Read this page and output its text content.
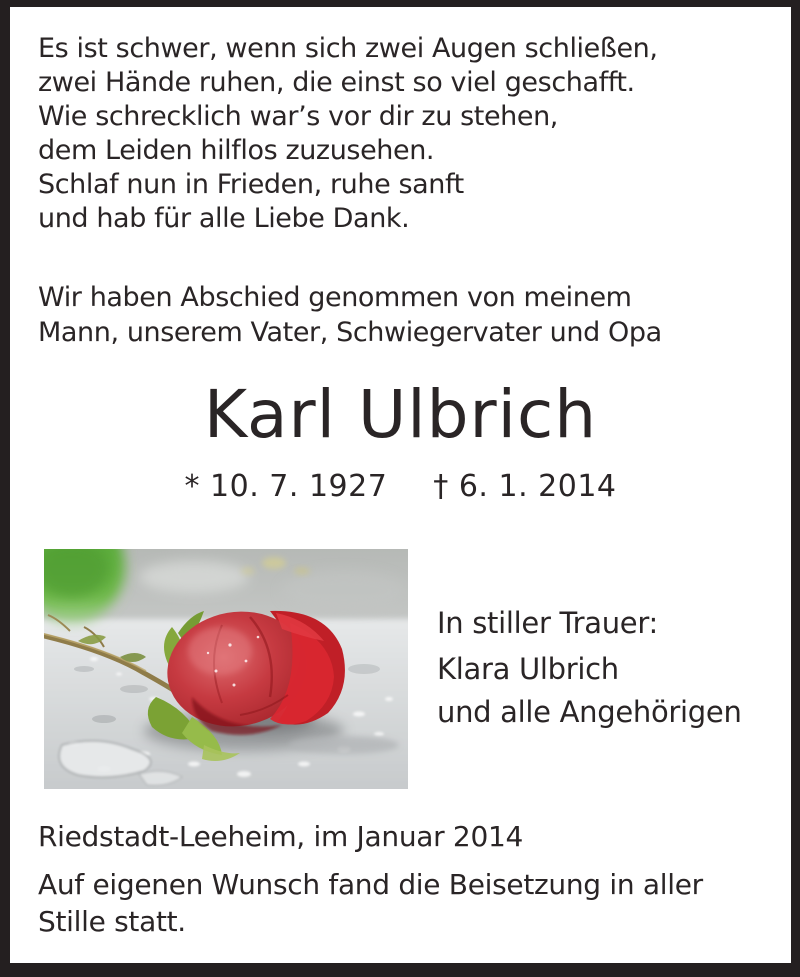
Es ist schwer, wenn sich zwei Augen schließen,
zwei Hände ruhen, die einst so viel geschafft.
Wie schrecklich war’s vor dir zu stehen,
dem Leiden hilflos zuzusehen.
Schlaf nun in Frieden, ruhe sanft
und hab für alle Liebe Dank.
Wir haben Abschied genommen von meinem
Mann, unserem Vater, Schwiegervater und Opa
Karl Ulbrich
* 10. 7. 1927 † 6. 1. 2014
In stiller Trauer:
Klara Ulbrich
und alle Angehörigen
Riedstadt-Leeheim, im Januar 2014
Auf eigenen Wunsch fand die Beisetzung in aller
Stille statt.
